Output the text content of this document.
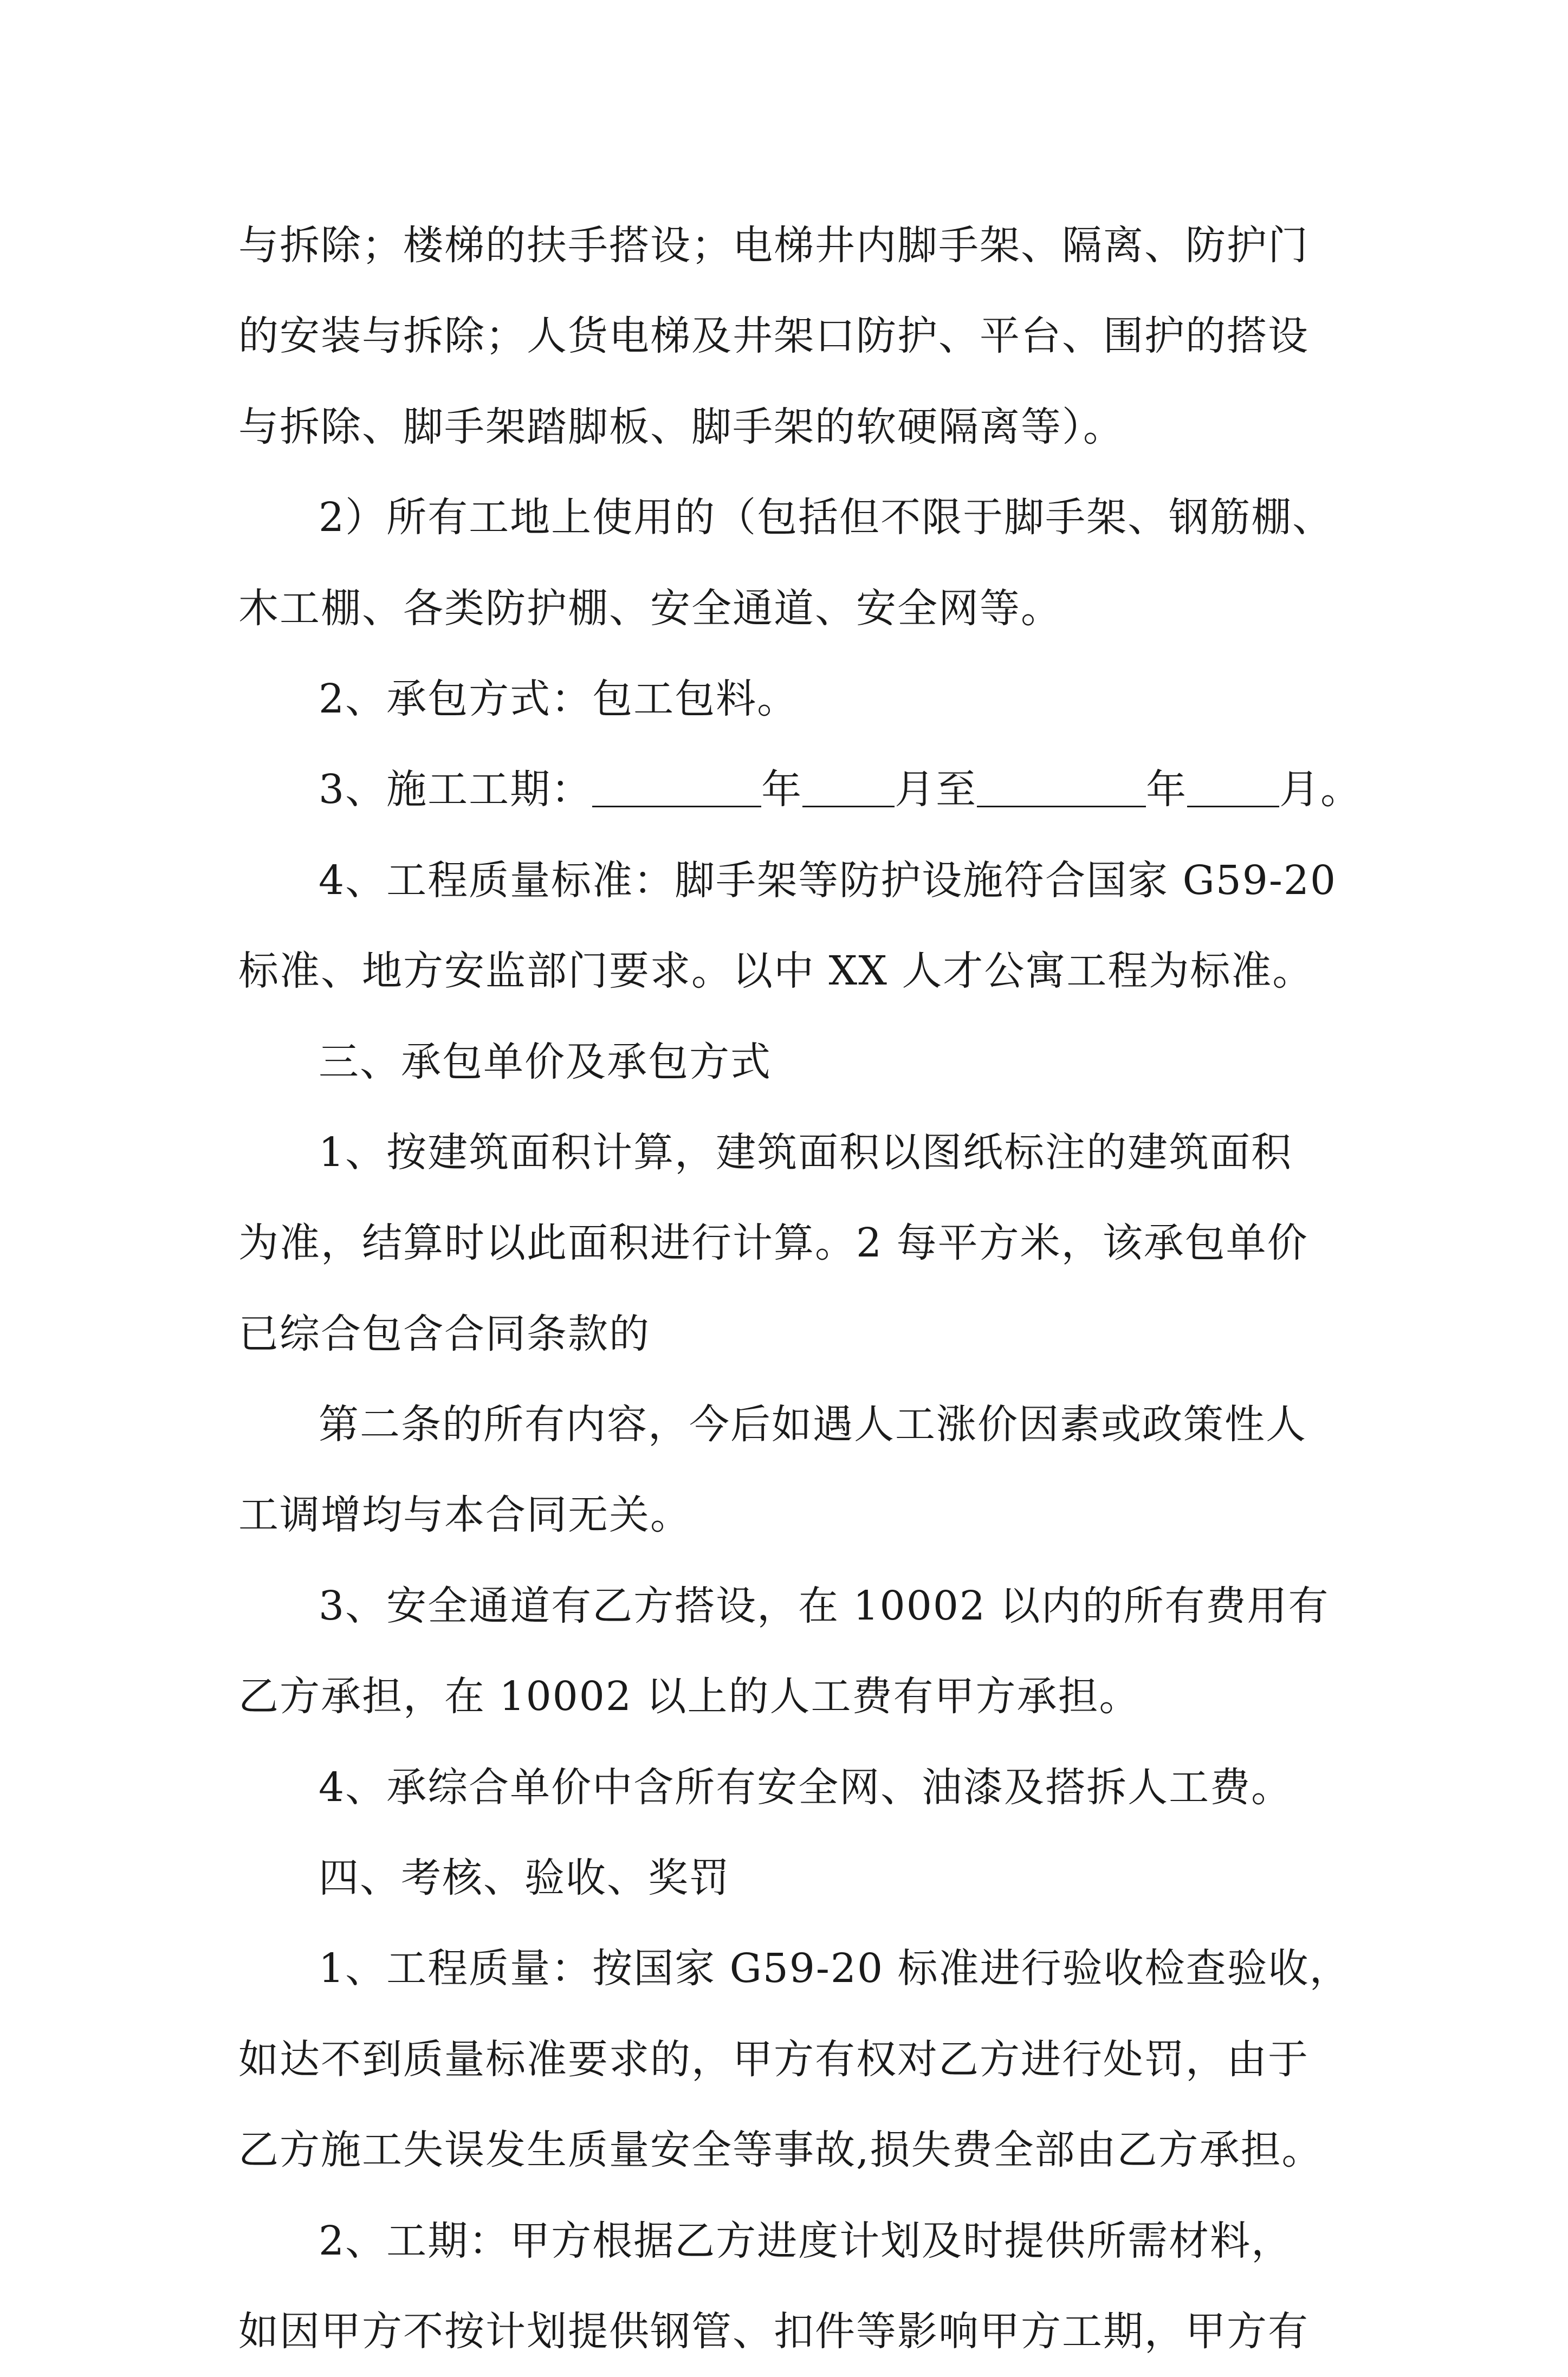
与拆除；楼梯的扶手搭设；电梯井内脚手架、隔离、防护门
的安装与拆除；人货电梯及井架口防护、平台、围护的搭设
与拆除、脚手架踏脚板、脚手架的软硬隔离等）。
2）所有工地上使用的（包括但不限于脚手架、钢筋棚、
木工棚、各类防护棚、安全通道、安全网等。
2、承包方式：包工包料。
3、施工工期：	年 月至	年 月。
4、工程质量标准：脚手架等防护设施符合国家 G59-20
标准、地方安监部门要求。以中 XX 人才公寓工程为标准。
三、承包单价及承包方式
1、按建筑面积计算，建筑面积以图纸标注的建筑面积
为准，结算时以此面积进行计算。2 每平方米，该承包单价
已综合包含合同条款的
第二条的所有内容，今后如遇人工涨价因素或政策性人
工调增均与本合同无关。
3、安全通道有乙方搭设，在 10002 以内的所有费用有
乙方承担，在 10002 以上的人工费有甲方承担。
4、承综合单价中含所有安全网、油漆及搭拆人工费。
四、考核、验收、奖罚
1、工程质量：按国家 G59-20 标准进行验收检查验收，
如达不到质量标准要求的，甲方有权对乙方进行处罚，由于
乙方施工失误发生质量安全等事故,损失费全部由乙方承担。
2、工期：甲方根据乙方进度计划及时提供所需材料，
如因甲方不按计划提供钢管、扣件等影响甲方工期，甲方有
